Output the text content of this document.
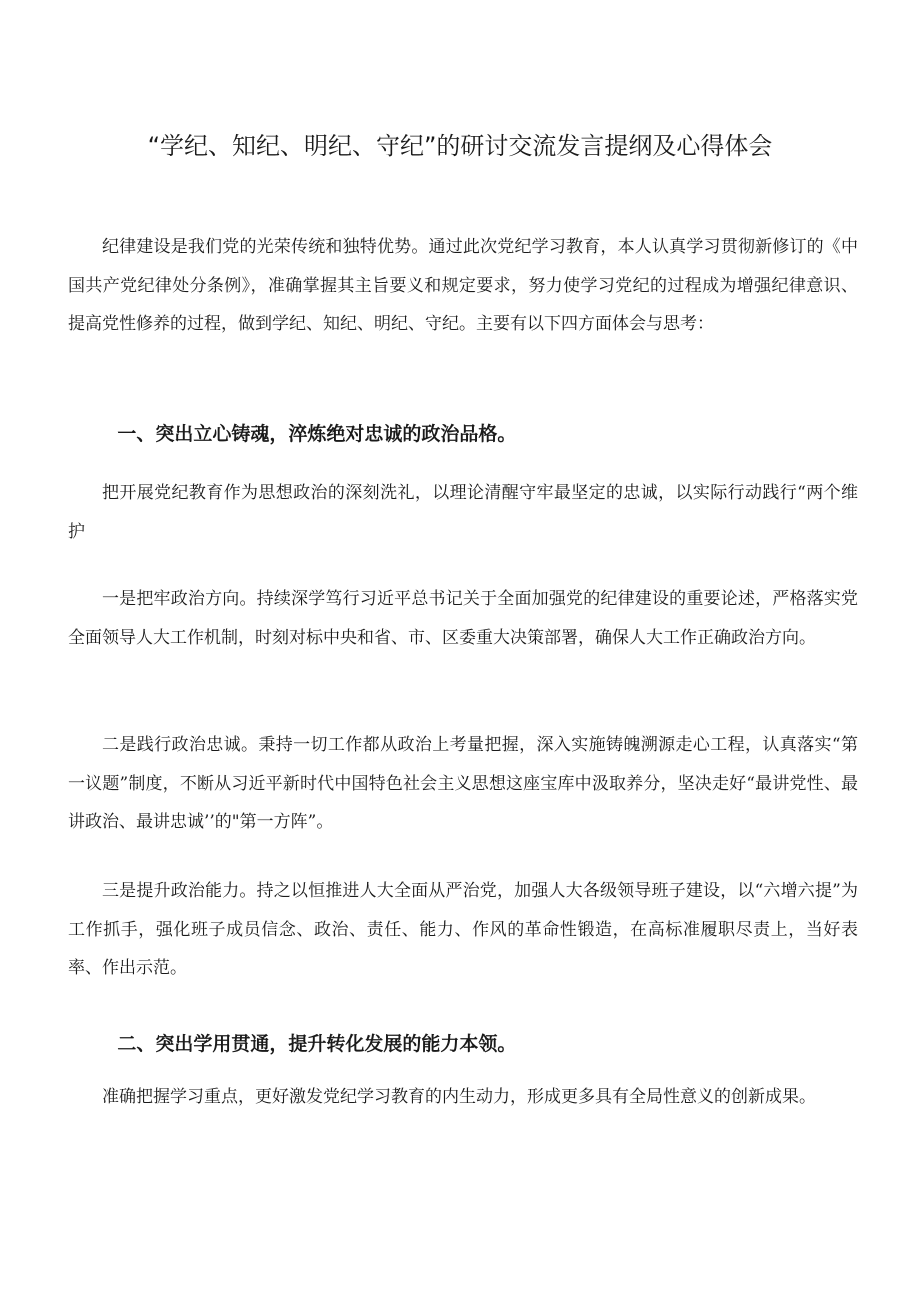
“学纪、知纪、明纪、守纪”的研讨交流发言提纲及心得体会

纪律建设是我们党的光荣传统和独特优势。通过此次党纪学习教育，本人认真学习贯彻新修订的《中国共产党纪律处分条例》，准确掌握其主旨要义和规定要求，努力使学习党纪的过程成为增强纪律意识、提高党性修养的过程，做到学纪、知纪、明纪、守纪。主要有以下四方面体会与思考：

一、突出立心铸魂，淬炼绝对忠诚的政治品格。

把开展党纪教育作为思想政治的深刻洗礼，以理论清醒守牢最坚定的忠诚，以实际行动践行“两个维护

一是把牢政治方向。持续深学笃行习近平总书记关于全面加强党的纪律建设的重要论述，严格落实党全面领导人大工作机制，时刻对标中央和省、市、区委重大决策部署，确保人大工作正确政治方向。

二是践行政治忠诚。秉持一切工作都从政治上考量把握，深入实施铸魄溯源走心工程，认真落实“第一议题”制度，不断从习近平新时代中国特色社会主义思想这座宝库中汲取养分，坚决走好“最讲党性、最讲政治、最讲忠诚’’的"第一方阵”。

三是提升政治能力。持之以恒推进人大全面从严治党，加强人大各级领导班子建设，以“六增六提”为工作抓手，强化班子成员信念、政治、责任、能力、作风的革命性锻造，在高标准履职尽责上，当好表率、作出示范。

二、突出学用贯通，提升转化发展的能力本领。

准确把握学习重点，更好激发党纪学习教育的内生动力，形成更多具有全局性意义的创新成果。
